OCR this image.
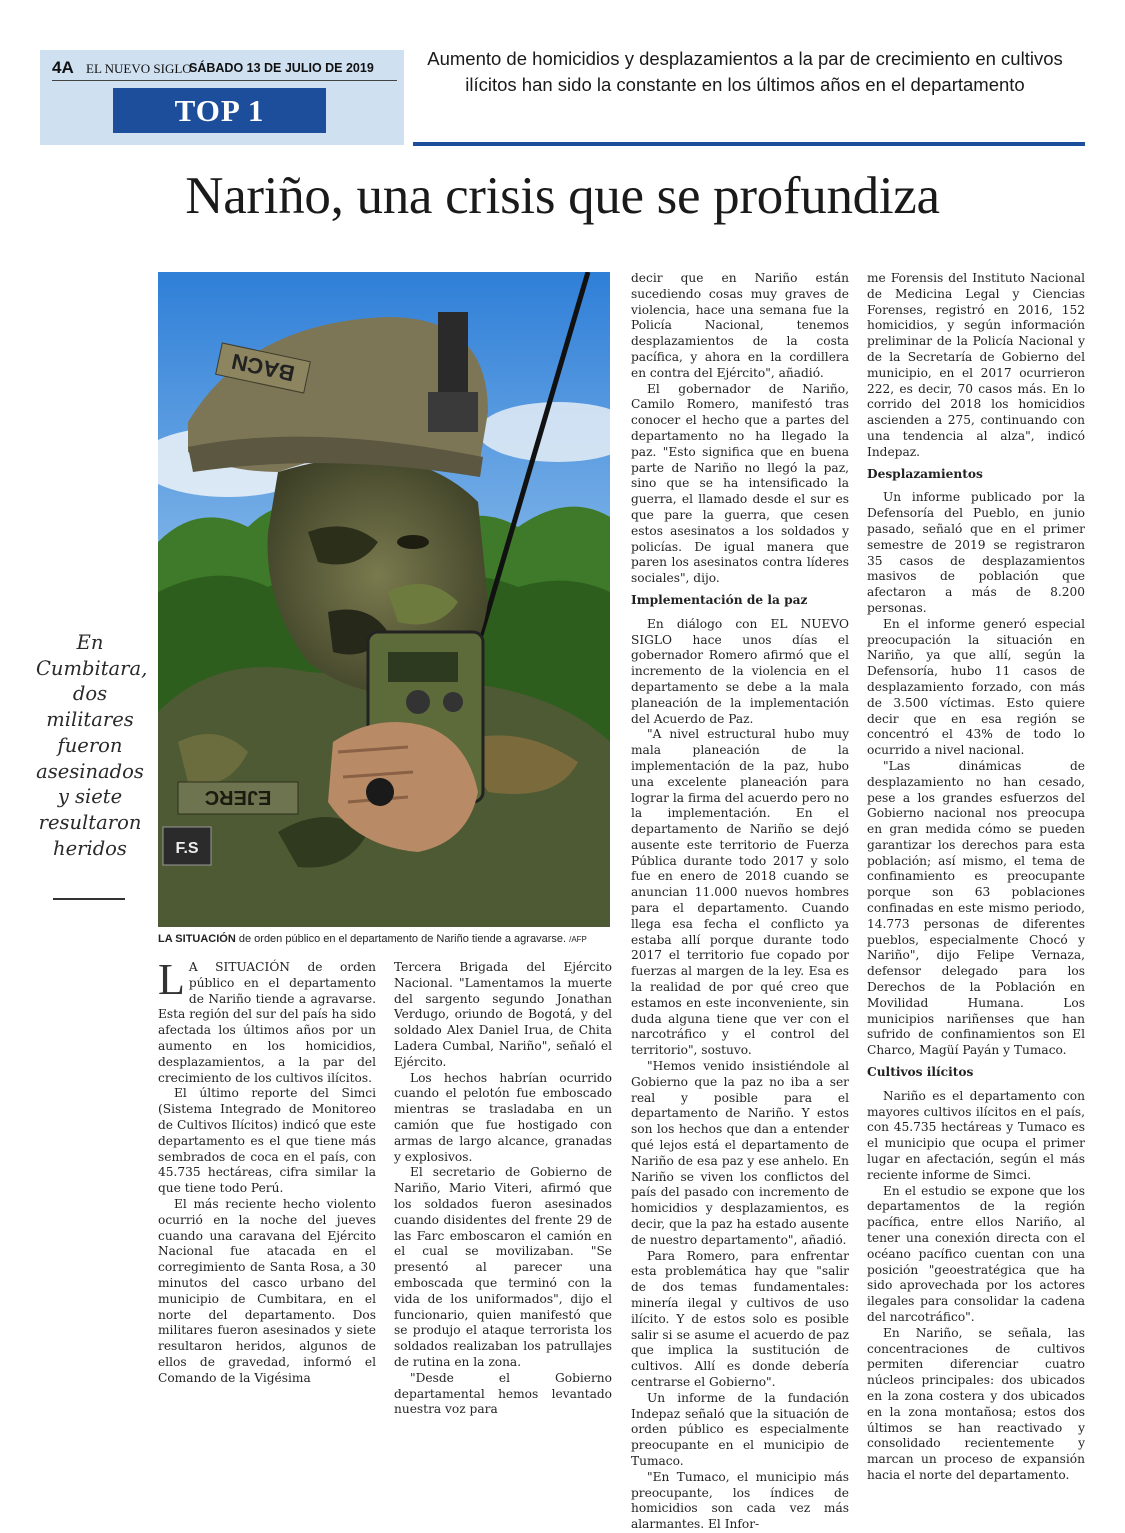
4A EL NUEVO SIGLO
SÁBADO 13 DE JULIO DE 2019
TOP 1
Aumento de homicidios y desplazamientos a la par de crecimiento en cultivos ilícitos han sido la constante en los últimos años en el departamento
Nariño, una crisis que se profundiza
EJERC
F.S
BACN
LA SITUACIÓN de orden público en el departamento de Nariño tiende a agravarse. /AFP
En Cumbitara, dos militares fueron asesinados y siete resultaron heridos

L A SITUACIÓN de orden público en el departamento de Nariño tiende a agravarse. Esta región del sur del país ha sido afectada los últimos años por un aumento en los homicidios, desplazamientos, a la par del crecimiento de los cultivos ilícitos.

El último reporte del Simci (Sistema Integrado de Monitoreo de Cultivos Ilícitos) indicó que este departamento es el que tiene más sembrados de coca en el país, con 45.735 hectáreas, cifra similar la que tiene todo Perú.

El más reciente hecho violento ocurrió en la noche del jueves cuando una caravana del Ejército Nacional fue atacada en el corregimiento de Santa Rosa, a 30 minutos del casco urbano del municipio de Cumbitara, en el norte del departamento. Dos militares fueron asesinados y siete resultaron heridos, algunos de ellos de gravedad, informó el Comando de la Vigésima

Tercera Brigada del Ejército Nacional. "Lamentamos la muerte del sargento segundo Jonathan Verdugo, oriundo de Bogotá, y del soldado Alex Daniel Irua, de Chita Ladera Cumbal, Nariño", señaló el Ejército.

Los hechos habrían ocurrido cuando el pelotón fue emboscado mientras se trasladaba en un camión que fue hostigado con armas de largo alcance, granadas y explosivos.

El secretario de Gobierno de Nariño, Mario Viteri, afirmó que los soldados fueron asesinados cuando disidentes del frente 29 de las Farc emboscaron el camión en el cual se movilizaban. "Se presentó al parecer una emboscada que terminó con la vida de los uniformados", dijo el funcionario, quien manifestó que se produjo el ataque terrorista los soldados realizaban los patrullajes de rutina en la zona.

"Desde el Gobierno departamental hemos levantado nuestra voz para

decir que en Nariño están sucediendo cosas muy graves de violencia, hace una semana fue la Policía Nacional, tenemos desplazamientos de la costa pacífica, y ahora en la cordillera en contra del Ejército", añadió.

El gobernador de Nariño, Camilo Romero, manifestó tras conocer el hecho que a partes del departamento no ha llegado la paz. "Esto significa que en buena parte de Nariño no llegó la paz, sino que se ha intensificado la guerra, el llamado desde el sur es que pare la guerra, que cesen estos asesinatos a los soldados y policías. De igual manera que paren los asesinatos contra líderes sociales", dijo.

Implementación de la paz

En diálogo con EL NUEVO SIGLO hace unos días el gobernador Romero afirmó que el incremento de la violencia en el departamento se debe a la mala planeación de la implementación del Acuerdo de Paz.

"A nivel estructural hubo muy mala planeación de la implementación de la paz, hubo una excelente planeación para lograr la firma del acuerdo pero no la implementación. En el departamento de Nariño se dejó ausente este territorio de Fuerza Pública durante todo 2017 y solo fue en enero de 2018 cuando se anuncian 11.000 nuevos hombres para el departamento. Cuando llega esa fecha el conflicto ya estaba allí porque durante todo 2017 el territorio fue copado por fuerzas al margen de la ley. Esa es la realidad de por qué creo que estamos en este inconveniente, sin duda alguna tiene que ver con el narcotráfico y el control del territorio", sostuvo.

"Hemos venido insistiéndole al Gobierno que la paz no iba a ser real y posible para el departamento de Nariño. Y estos son los hechos que dan a entender qué lejos está el departamento de Nariño de esa paz y ese anhelo. En Nariño se viven los conflictos del país del pasado con incremento de homicidios y desplazamientos, es decir, que la paz ha estado ausente de nuestro departamento", añadió.

Para Romero, para enfrentar esta problemática hay que "salir de dos temas fundamentales: minería ilegal y cultivos de uso ilícito. Y de estos solo es posible salir si se asume el acuerdo de paz que implica la sustitución de cultivos. Allí es donde debería centrarse el Gobierno".

Un informe de la fundación Indepaz señaló que la situación de orden público es especialmente preocupante en el municipio de Tumaco.

"En Tumaco, el municipio más preocupante, los índices de homicidios son cada vez más alarmantes. El Infor-

me Forensis del Instituto Nacional de Medicina Legal y Ciencias Forenses, registró en 2016, 152 homicidios, y según información preliminar de la Policía Nacional y de la Secretaría de Gobierno del municipio, en el 2017 ocurrieron 222, es decir, 70 casos más. En lo corrido del 2018 los homicidios ascienden a 275, continuando con una tendencia al alza", indicó Indepaz.

Desplazamientos

Un informe publicado por la Defensoría del Pueblo, en junio pasado, señaló que en el primer semestre de 2019 se registraron 35 casos de desplazamientos masivos de población que afectaron a más de 8.200 personas.

En el informe generó especial preocupación la situación en Nariño, ya que allí, según la Defensoría, hubo 11 casos de desplazamiento forzado, con más de 3.500 víctimas. Esto quiere decir que en esa región se concentró el 43% de todo lo ocurrido a nivel nacional.

"Las dinámicas de desplazamiento no han cesado, pese a los grandes esfuerzos del Gobierno nacional nos preocupa en gran medida cómo se pueden garantizar los derechos para esta población; así mismo, el tema de confinamiento es preocupante porque son 63 poblaciones confinadas en este mismo periodo, 14.773 personas de diferentes pueblos, especialmente Chocó y Nariño", dijo Felipe Vernaza, defensor delegado para los Derechos de la Población en Movilidad Humana. Los municipios nariñenses que han sufrido de confinamientos son El Charco, Magüí Payán y Tumaco.

Cultivos ilícitos

Nariño es el departamento con mayores cultivos ilícitos en el país, con 45.735 hectáreas y Tumaco es el municipio que ocupa el primer lugar en afectación, según el más reciente informe de Simci.

En el estudio se expone que los departamentos de la región pacífica, entre ellos Nariño, al tener una conexión directa con el océano pacífico cuentan con una posición "geoestratégica que ha sido aprovechada por los actores ilegales para consolidar la cadena del narcotráfico".

En Nariño, se señala, las concentraciones de cultivos permiten diferenciar cuatro núcleos principales: dos ubicados en la zona costera y dos ubicados en la zona montañosa; estos dos últimos se han reactivado y consolidado recientemente y marcan un proceso de expansión hacia el norte del departamento.
